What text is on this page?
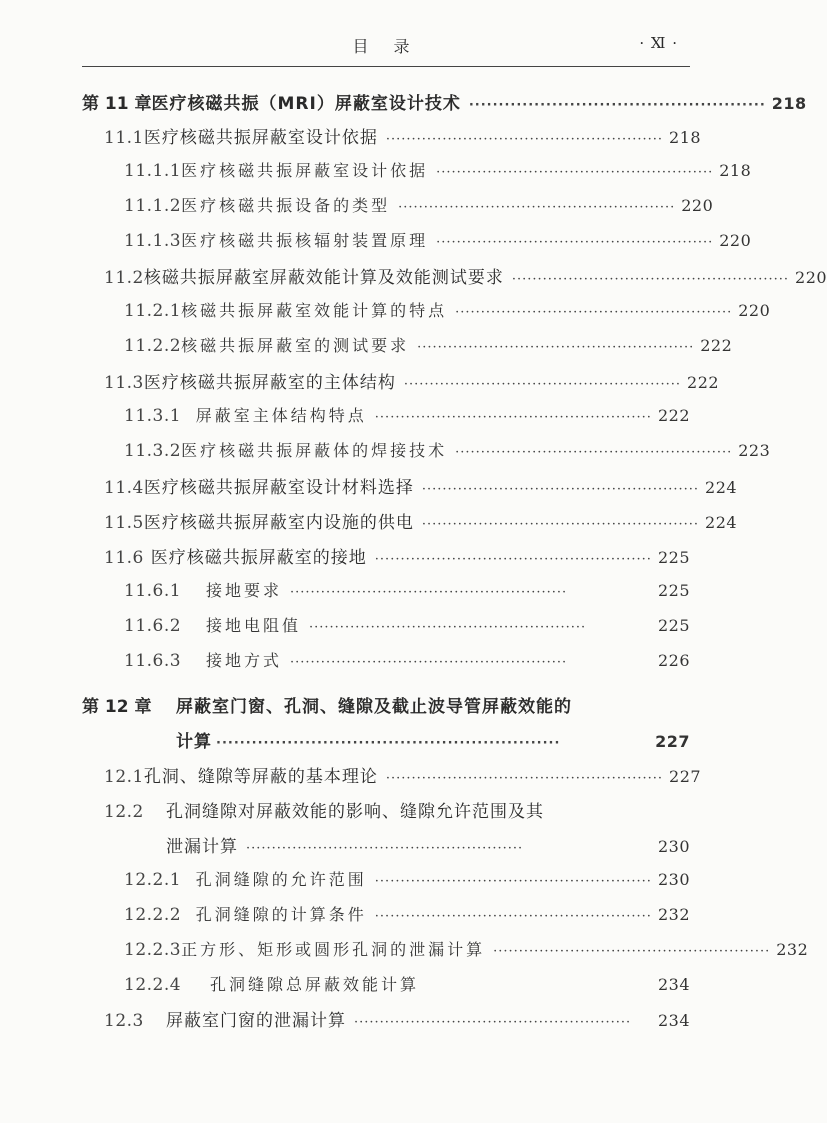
目 录	· Ⅺ ·
第 11 章 医疗核磁共振（MRI）屏蔽室设计技术 ·················································· 218
11.1 医疗核磁共振屏蔽室设计依据 ······················································ 218
11.1.1 医疗核磁共振屏蔽室设计依据 ······················································ 218
11.1.2 医疗核磁共振设备的类型 ······················································ 220
11.1.3 医疗核磁共振核辐射装置原理 ······················································ 220
11.2 核磁共振屏蔽室屏蔽效能计算及效能测试要求 ······················································ 220
11.2.1 核磁共振屏蔽室效能计算的特点 ······················································ 220
11.2.2 核磁共振屏蔽室的测试要求 ······················································ 222
11.3 医疗核磁共振屏蔽室的主体结构 ······················································ 222
11.3.1 屏蔽室主体结构特点 ······················································ 222
11.3.2 医疗核磁共振屏蔽体的焊接技术 ······················································ 223
11.4 医疗核磁共振屏蔽室设计材料选择 ······················································ 224
11.5 医疗核磁共振屏蔽室内设施的供电 ······················································ 224
11.6 医疗核磁共振屏蔽室的接地 ······················································ 225
11.6.1	接地要求 ······················································	225
11.6.2	接地电阻值 ······················································	225
11.6.3	接地方式 ······················································	226
第 12 章 屏蔽室门窗、孔洞、缝隙及截止波导管屏蔽效能的
计算 ··························································	227
12.1 孔洞、缝隙等屏蔽的基本理论 ······················································ 227
12.2 孔洞缝隙对屏蔽效能的影响、缝隙允许范围及其
泄漏计算 ······················································	230
12.2.1 孔洞缝隙的允许范围 ······················································ 230
12.2.2 孔洞缝隙的计算条件 ······················································ 232
12.2.3 正方形、矩形或圆形孔洞的泄漏计算 ······················································ 232
12.2.4	孔洞缝隙总屏蔽效能计算	234
12.3	屏蔽室门窗的泄漏计算 ······················································	234
